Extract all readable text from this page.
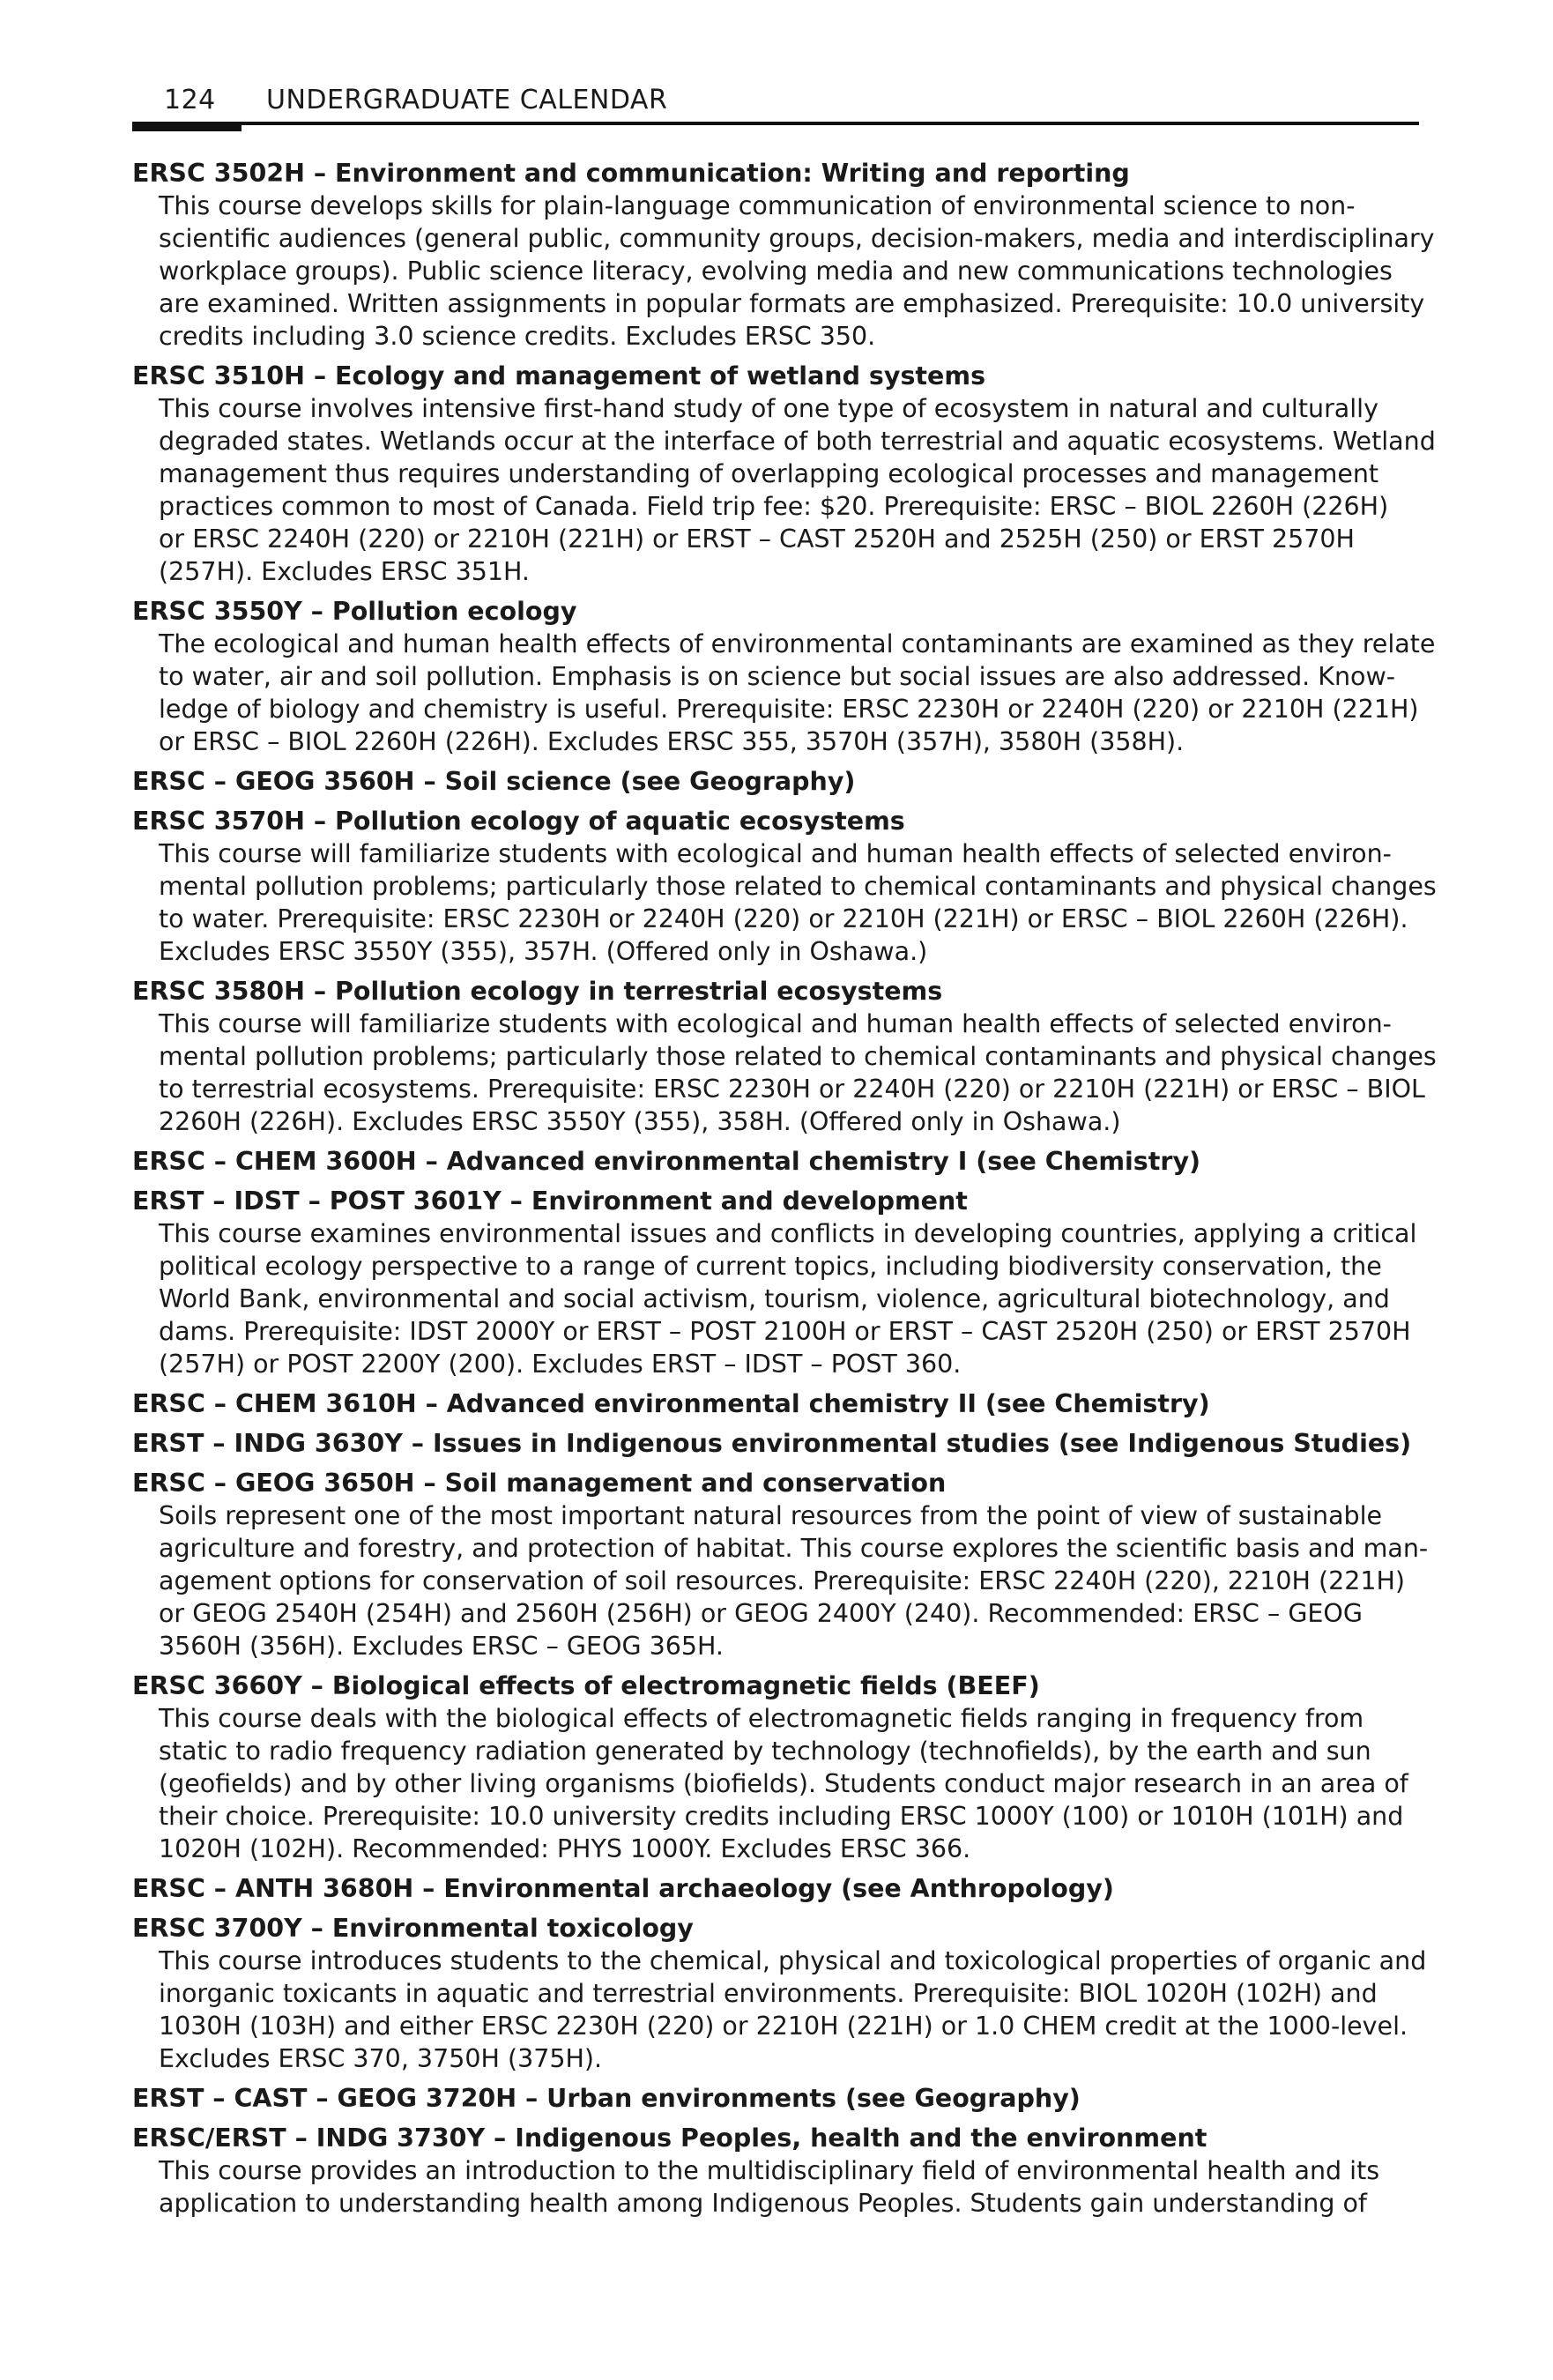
124 UNDERGRADUATE CALENDAR
ERSC 3502H – Environment and communication: Writing and reporting
This course develops skills for plain-language communication of environmental science to non-
scientific audiences (general public, community groups, decision-makers, media and interdisciplinary
workplace groups). Public science literacy, evolving media and new communications technologies
are examined. Written assignments in popular formats are emphasized. Prerequisite: 10.0 university
credits including 3.0 science credits. Excludes ERSC 350.
ERSC 3510H – Ecology and management of wetland systems
This course involves intensive first-hand study of one type of ecosystem in natural and culturally
degraded states. Wetlands occur at the interface of both terrestrial and aquatic ecosystems. Wetland
management thus requires understanding of overlapping ecological processes and management
practices common to most of Canada. Field trip fee: $20. Prerequisite: ERSC – BIOL 2260H (226H)
or ERSC 2240H (220) or 2210H (221H) or ERST – CAST 2520H and 2525H (250) or ERST 2570H
(257H). Excludes ERSC 351H.
ERSC 3550Y – Pollution ecology
The ecological and human health effects of environmental contaminants are examined as they relate
to water, air and soil pollution. Emphasis is on science but social issues are also addressed. Know-
ledge of biology and chemistry is useful. Prerequisite: ERSC 2230H or 2240H (220) or 2210H (221H)
or ERSC – BIOL 2260H (226H). Excludes ERSC 355, 3570H (357H), 3580H (358H).
ERSC – GEOG 3560H – Soil science (see Geography)
ERSC 3570H – Pollution ecology of aquatic ecosystems
This course will familiarize students with ecological and human health effects of selected environ-
mental pollution problems; particularly those related to chemical contaminants and physical changes
to water. Prerequisite: ERSC 2230H or 2240H (220) or 2210H (221H) or ERSC – BIOL 2260H (226H).
Excludes ERSC 3550Y (355), 357H. (Offered only in Oshawa.)
ERSC 3580H – Pollution ecology in terrestrial ecosystems
This course will familiarize students with ecological and human health effects of selected environ-
mental pollution problems; particularly those related to chemical contaminants and physical changes
to terrestrial ecosystems. Prerequisite: ERSC 2230H or 2240H (220) or 2210H (221H) or ERSC – BIOL
2260H (226H). Excludes ERSC 3550Y (355), 358H. (Offered only in Oshawa.)
ERSC – CHEM 3600H – Advanced environmental chemistry I (see Chemistry)
ERST – IDST – POST 3601Y – Environment and development
This course examines environmental issues and conflicts in developing countries, applying a critical
political ecology perspective to a range of current topics, including biodiversity conservation, the
World Bank, environmental and social activism, tourism, violence, agricultural biotechnology, and
dams. Prerequisite: IDST 2000Y or ERST – POST 2100H or ERST – CAST 2520H (250) or ERST 2570H
(257H) or POST 2200Y (200). Excludes ERST – IDST – POST 360.
ERSC – CHEM 3610H – Advanced environmental chemistry II (see Chemistry)
ERST – INDG 3630Y – Issues in Indigenous environmental studies (see Indigenous Studies)
ERSC – GEOG 3650H – Soil management and conservation
Soils represent one of the most important natural resources from the point of view of sustainable
agriculture and forestry, and protection of habitat. This course explores the scientific basis and man-
agement options for conservation of soil resources. Prerequisite: ERSC 2240H (220), 2210H (221H)
or GEOG 2540H (254H) and 2560H (256H) or GEOG 2400Y (240). Recommended: ERSC – GEOG
3560H (356H). Excludes ERSC – GEOG 365H.
ERSC 3660Y – Biological effects of electromagnetic fields (BEEF)
This course deals with the biological effects of electromagnetic fields ranging in frequency from
static to radio frequency radiation generated by technology (technofields), by the earth and sun
(geofields) and by other living organisms (biofields). Students conduct major research in an area of
their choice. Prerequisite: 10.0 university credits including ERSC 1000Y (100) or 1010H (101H) and
1020H (102H). Recommended: PHYS 1000Y. Excludes ERSC 366.
ERSC – ANTH 3680H – Environmental archaeology (see Anthropology)
ERSC 3700Y – Environmental toxicology
This course introduces students to the chemical, physical and toxicological properties of organic and
inorganic toxicants in aquatic and terrestrial environments. Prerequisite: BIOL 1020H (102H) and
1030H (103H) and either ERSC 2230H (220) or 2210H (221H) or 1.0 CHEM credit at the 1000-level.
Excludes ERSC 370, 3750H (375H).
ERST – CAST – GEOG 3720H – Urban environments (see Geography)
ERSC/ERST – INDG 3730Y – Indigenous Peoples, health and the environment
This course provides an introduction to the multidisciplinary field of environmental health and its
application to understanding health among Indigenous Peoples. Students gain understanding of
